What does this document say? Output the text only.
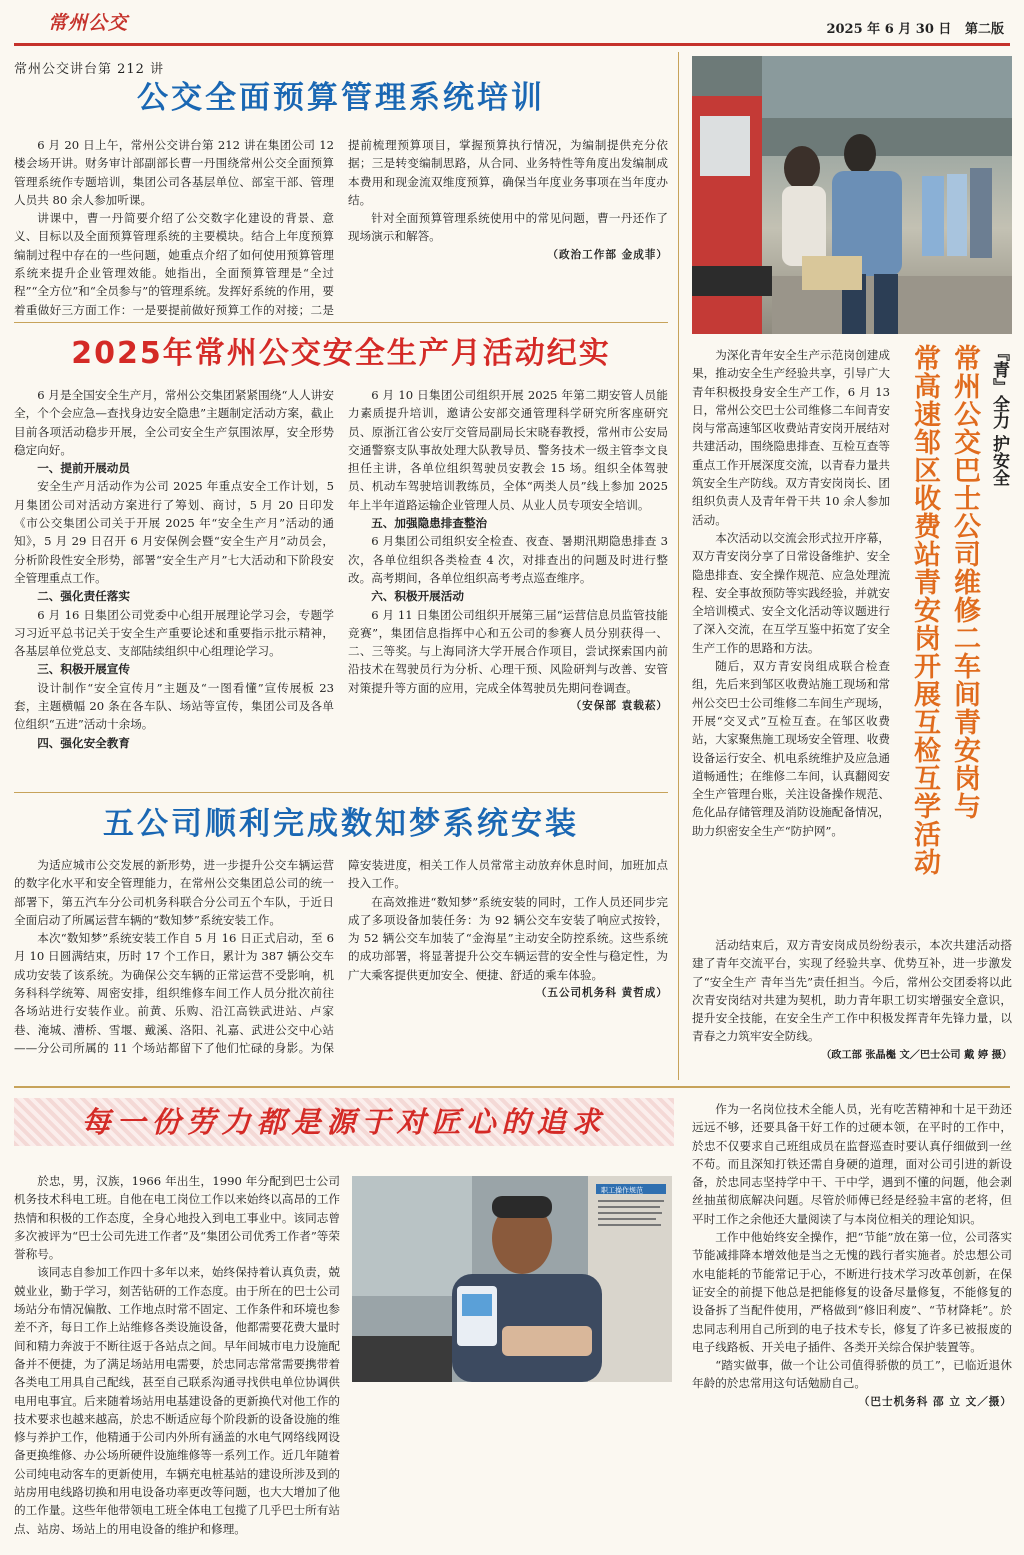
常州公交	2025 年 6 月 30 日   第二版
常州公交讲台第 212 讲
公交全面预算管理系统培训

6 月 20 日上午，常州公交讲台第 212 讲在集团公司 12 楼会场开讲。财务审计部副部长曹一丹围绕常州公交全面预算管理系统作专题培训，集团公司各基层单位、部室干部、管理人员共 80 余人参加听课。

讲课中，曹一丹简要介绍了公交数字化建设的背景、意义、目标以及全面预算管理系统的主要模块。结合上年度预算编制过程中存在的一些问题，她重点介绍了如何使用预算管理系统来提升企业管理效能。她指出，全面预算管理是“全过程”“全方位”和“全员参与”的管理系统。发挥好系统的作用，要着重做好三方面工作：一是要提前做好预算工作的对接；二是提前梳理预算项目，掌握预算执行情况，为编制提供充分依据；三是转变编制思路，从合同、业务特性等角度出发编制成本费用和现金流双维度预算，确保当年度业务事项在当年度办结。

针对全面预算管理系统使用中的常见问题，曹一丹还作了现场演示和解答。

（政治工作部 金成菲）

2025年常州公交安全生产月活动纪实

6 月是全国安全生产月，常州公交集团紧紧围绕“人人讲安全，个个会应急—查找身边安全隐患”主题制定活动方案，截止目前各项活动稳步开展，全公司安全生产氛围浓厚，安全形势稳定向好。

一、提前开展动员

安全生产月活动作为公司 2025 年重点安全工作计划，5 月集团公司对活动方案进行了筹划、商讨，5 月 20 日印发《市公交集团公司关于开展 2025 年“安全生产月”活动的通知》，5 月 29 日召开 6 月安保例会暨“安全生产月”动员会，分析阶段性安全形势，部署“安全生产月”七大活动和下阶段安全管理重点工作。

二、强化责任落实

6 月 16 日集团公司党委中心组开展理论学习会，专题学习习近平总书记关于安全生产重要论述和重要指示批示精神，各基层单位党总支、支部陆续组织中心组理论学习。

三、积极开展宣传

设计制作“安全宣传月”主题及“一图看懂”宣传展板 23 套，主题横幅 20 条在各车队、场站等宣传，集团公司及各单位组织“五进”活动十余场。

四、强化安全教育

6 月 10 日集团公司组织开展 2025 年第二期安管人员能力素质提升培训，邀请公安部交通管理科学研究所客座研究员、原浙江省公安厅交管局副局长宋晓春教授，常州市公安局交通警察支队事故处理大队教导员、警务技术一级主管李文良担任主讲，各单位组织驾驶员安教会 15 场。组织全体驾驶员、机动车驾驶培训教练员，全体“两类人员”线上参加 2025 年上半年道路运输企业管理人员、从业人员专项安全培训。

五、加强隐患排查整治

6 月集团公司组织安全检查、夜查、暑期汛期隐患排查 3 次，各单位组织各类检查 4 次，对排查出的问题及时进行整改。高考期间，各单位组织高考考点巡查维序。

六、积极开展活动

6 月 11 日集团公司组织开展第三届“运营信息员监管技能竞赛”，集团信息指挥中心和五公司的参赛人员分别获得一、二、三等奖。与上海同济大学开展合作项目，尝试探索国内前沿技术在驾驶员行为分析、心理干预、风险研判与改善、安管对策提升等方面的应用，完成全体驾驶员先期问卷调查。

（安保部 袁载菘）

五公司顺利完成数知梦系统安装

为适应城市公交发展的新形势，进一步提升公交车辆运营的数字化水平和安全管理能力，在常州公交集团总公司的统一部署下，第五汽车分公司机务科联合分公司五个车队，于近日全面启动了所属运营车辆的“数知梦”系统安装工作。

本次“数知梦”系统安装工作自 5 月 16 日正式启动，至 6 月 10 日圆满结束，历时 17 个工作日，累计为 387 辆公交车成功安装了该系统。为确保公交车辆的正常运营不受影响，机务科科学统筹、周密安排，组织维修车间工作人员分批次前往各场站进行安装作业。前黄、乐购、沿江高铁武进站、卢家巷、淹城、漕桥、雪堰、戴溪、洛阳、礼嘉、武进公交中心站——分公司所属的 11 个场站都留下了他们忙碌的身影。为保障安装进度，相关工作人员常常主动放弃休息时间，加班加点投入工作。

在高效推进“数知梦”系统安装的同时，工作人员还同步完成了多项设备加装任务：为 92 辆公交车安装了响应式按铃，为 52 辆公交车加装了“金海星”主动安全防控系统。这些系统的成功部署，将显著提升公交车辆运营的安全性与稳定性，为广大乘客提供更加安全、便捷、舒适的乘车体验。

（五公司机务科 黄哲成）

『青』全力 护安全
常州公交巴士公司维修二车间青安岗与
常高速邹区收费站青安岗开展互检互学活动

为深化青年安全生产示范岗创建成果，推动安全生产经验共享，引导广大青年积极投身安全生产工作，6 月 13 日，常州公交巴士公司维修二车间青安岗与常高速邹区收费站青安岗开展结对共建活动，围绕隐患排查、互检互查等重点工作开展深度交流，以青春力量共筑安全生产防线。双方青安岗岗长、团组织负责人及青年骨干共 10 余人参加活动。

本次活动以交流会形式拉开序幕，双方青安岗分享了日常设备维护、安全隐患排查、安全操作规范、应急处理流程、安全事故预防等实践经验，并就安全培训模式、安全文化活动等议题进行了深入交流，在互学互鉴中拓宽了安全生产工作的思路和方法。

随后，双方青安岗组成联合检查组，先后来到邹区收费站施工现场和常州公交巴士公司维修二车间生产现场，开展“交叉式”互检互查。在邹区收费站，大家聚焦施工现场安全管理、收费设备运行安全、机电系统维护及应急通道畅通性；在维修二车间，认真翻阅安全生产管理台账，关注设备操作规范、危化品存储管理及消防设施配备情况，助力织密安全生产“防护网”。

活动结束后，双方青安岗成员纷纷表示，本次共建活动搭建了青年交流平台，实现了经验共享、优势互补，进一步激发了“安全生产 青年当先”责任担当。今后，常州公交团委将以此次青安岗结对共建为契机，助力青年职工切实增强安全意识，提升安全技能，在安全生产工作中积极发挥青年先锋力量，以青春之力筑牢安全防线。

（政工部 张晶櫆 文／巴士公司 戴 婷 摄）

每一份劳力都是源于对匠心的追求
职工操作规范

於忠，男，汉族，1966 年出生，1990 年分配到巴士公司机务技术科电工班。自他在电工岗位工作以来始终以高昂的工作热情和积极的工作态度，全身心地投入到电工事业中。该同志曾多次被评为“巴士公司先进工作者”及“集团公司优秀工作者”等荣誉称号。

该同志自参加工作四十多年以来，始终保持着认真负责，兢兢业业，勤于学习，刻苦钻研的工作态度。由于所在的巴士公司场站分布情况偏散、工作地点时常不固定、工作条件和环境也参差不齐，每日工作上站维修各类设施设备，他都需要花费大量时间和精力奔波于不断往返于各站点之间。早年间城市电力设施配备并不便捷，为了满足场站用电需要，於忠同志常常需要携带着各类电工用具自己配线，甚至自己联系沟通寻找供电单位协调供电用电事宜。后来随着场站用电基建设备的更新换代对他工作的技术要求也越来越高，於忠不断适应每个阶段新的设备设施的维修与养护工作，他精通于公司内外所有涵盖的水电气网络线网设备更换维修、办公场所硬件设施维修等一系列工作。近几年随着公司纯电动客车的更新使用，车辆充电桩基站的建设所涉及到的站房用电线路切换和用电设备功率更改等问题，也大大增加了他的工作量。这些年他带领电工班全体电工包揽了几乎巴士所有站点、站房、场站上的用电设备的维护和修理。

作为一名岗位技术全能人员，光有吃苦精神和十足干劲还远远不够，还要具备干好工作的过硬本领，在平时的工作中，於忠不仅要求自己班组成员在监督巡查时要认真仔细做到一丝不苟。而且深知打铁还需自身硬的道理，面对公司引进的新设备，於忠同志坚持学中干、干中学，遇到不懂的问题，他会剥丝抽茧彻底解决问题。尽管於师傅已经是经验丰富的老将，但平时工作之余他还大量阅读了与本岗位相关的理论知识。

工作中他始终安全操作，把“节能”放在第一位，公司落实节能减排降本增效他是当之无愧的践行者实施者。於忠想公司水电能耗的节能常记于心，不断进行技术学习改革创新，在保证安全的前提下他总是把能修复的设备尽量修复，不能修复的设备拆了当配件使用，严格做到“修旧利废”、“节材降耗”。於忠同志利用自己所到的电子技术专长，修复了许多已被报废的电子线路板、开关电子插件、各类开关综合保护装置等。

“踏实做事，做一个让公司值得骄傲的员工”，已临近退休年龄的於忠常用这句话勉励自己。

（巴士机务科 邵 立 文／摄）
